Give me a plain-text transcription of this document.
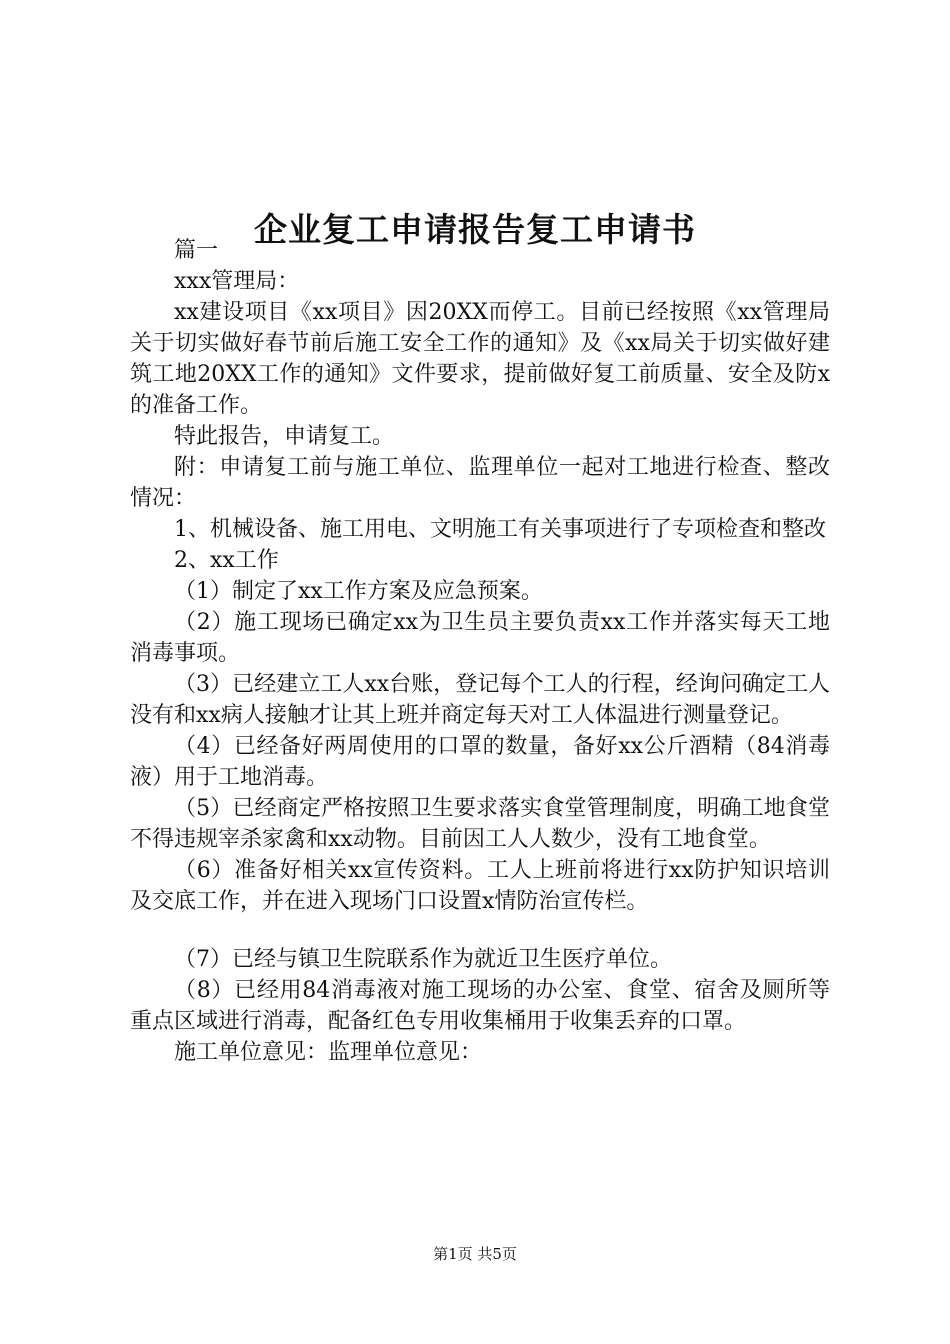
企业复工申请报告复工申请书

篇一

xxx管理局：

xx建设项目《xx项目》因20XX而停工。目前已经按照《xx管理局关于切实做好春节前后施工安全工作的通知》及《xx局关于切实做好建筑工地20XX工作的通知》文件要求，提前做好复工前质量、安全及防x的准备工作。

特此报告，申请复工。

附：申请复工前与施工单位、监理单位一起对工地进行检查、整改情况：

1、机械设备、施工用电、文明施工有关事项进行了专项检查和整改

2、xx工作

（1）制定了xx工作方案及应急预案。

（2）施工现场已确定xx为卫生员主要负责xx工作并落实每天工地消毒事项。

（3）已经建立工人xx台账，登记每个工人的行程，经询问确定工人没有和xx病人接触才让其上班并商定每天对工人体温进行测量登记。

（4）已经备好两周使用的口罩的数量，备好xx公斤酒精（84消毒液）用于工地消毒。

（5）已经商定严格按照卫生要求落实食堂管理制度，明确工地食堂不得违规宰杀家禽和xx动物。目前因工人人数少，没有工地食堂。

（6）准备好相关xx宣传资料。工人上班前将进行xx防护知识培训及交底工作，并在进入现场门口设置x情防治宣传栏。

（7）已经与镇卫生院联系作为就近卫生医疗单位。

（8）已经用84消毒液对施工现场的办公室、食堂、宿舍及厕所等重点区域进行消毒，配备红色专用收集桶用于收集丢弃的口罩。

施工单位意见：监理单位意见：

第1页 共5页
